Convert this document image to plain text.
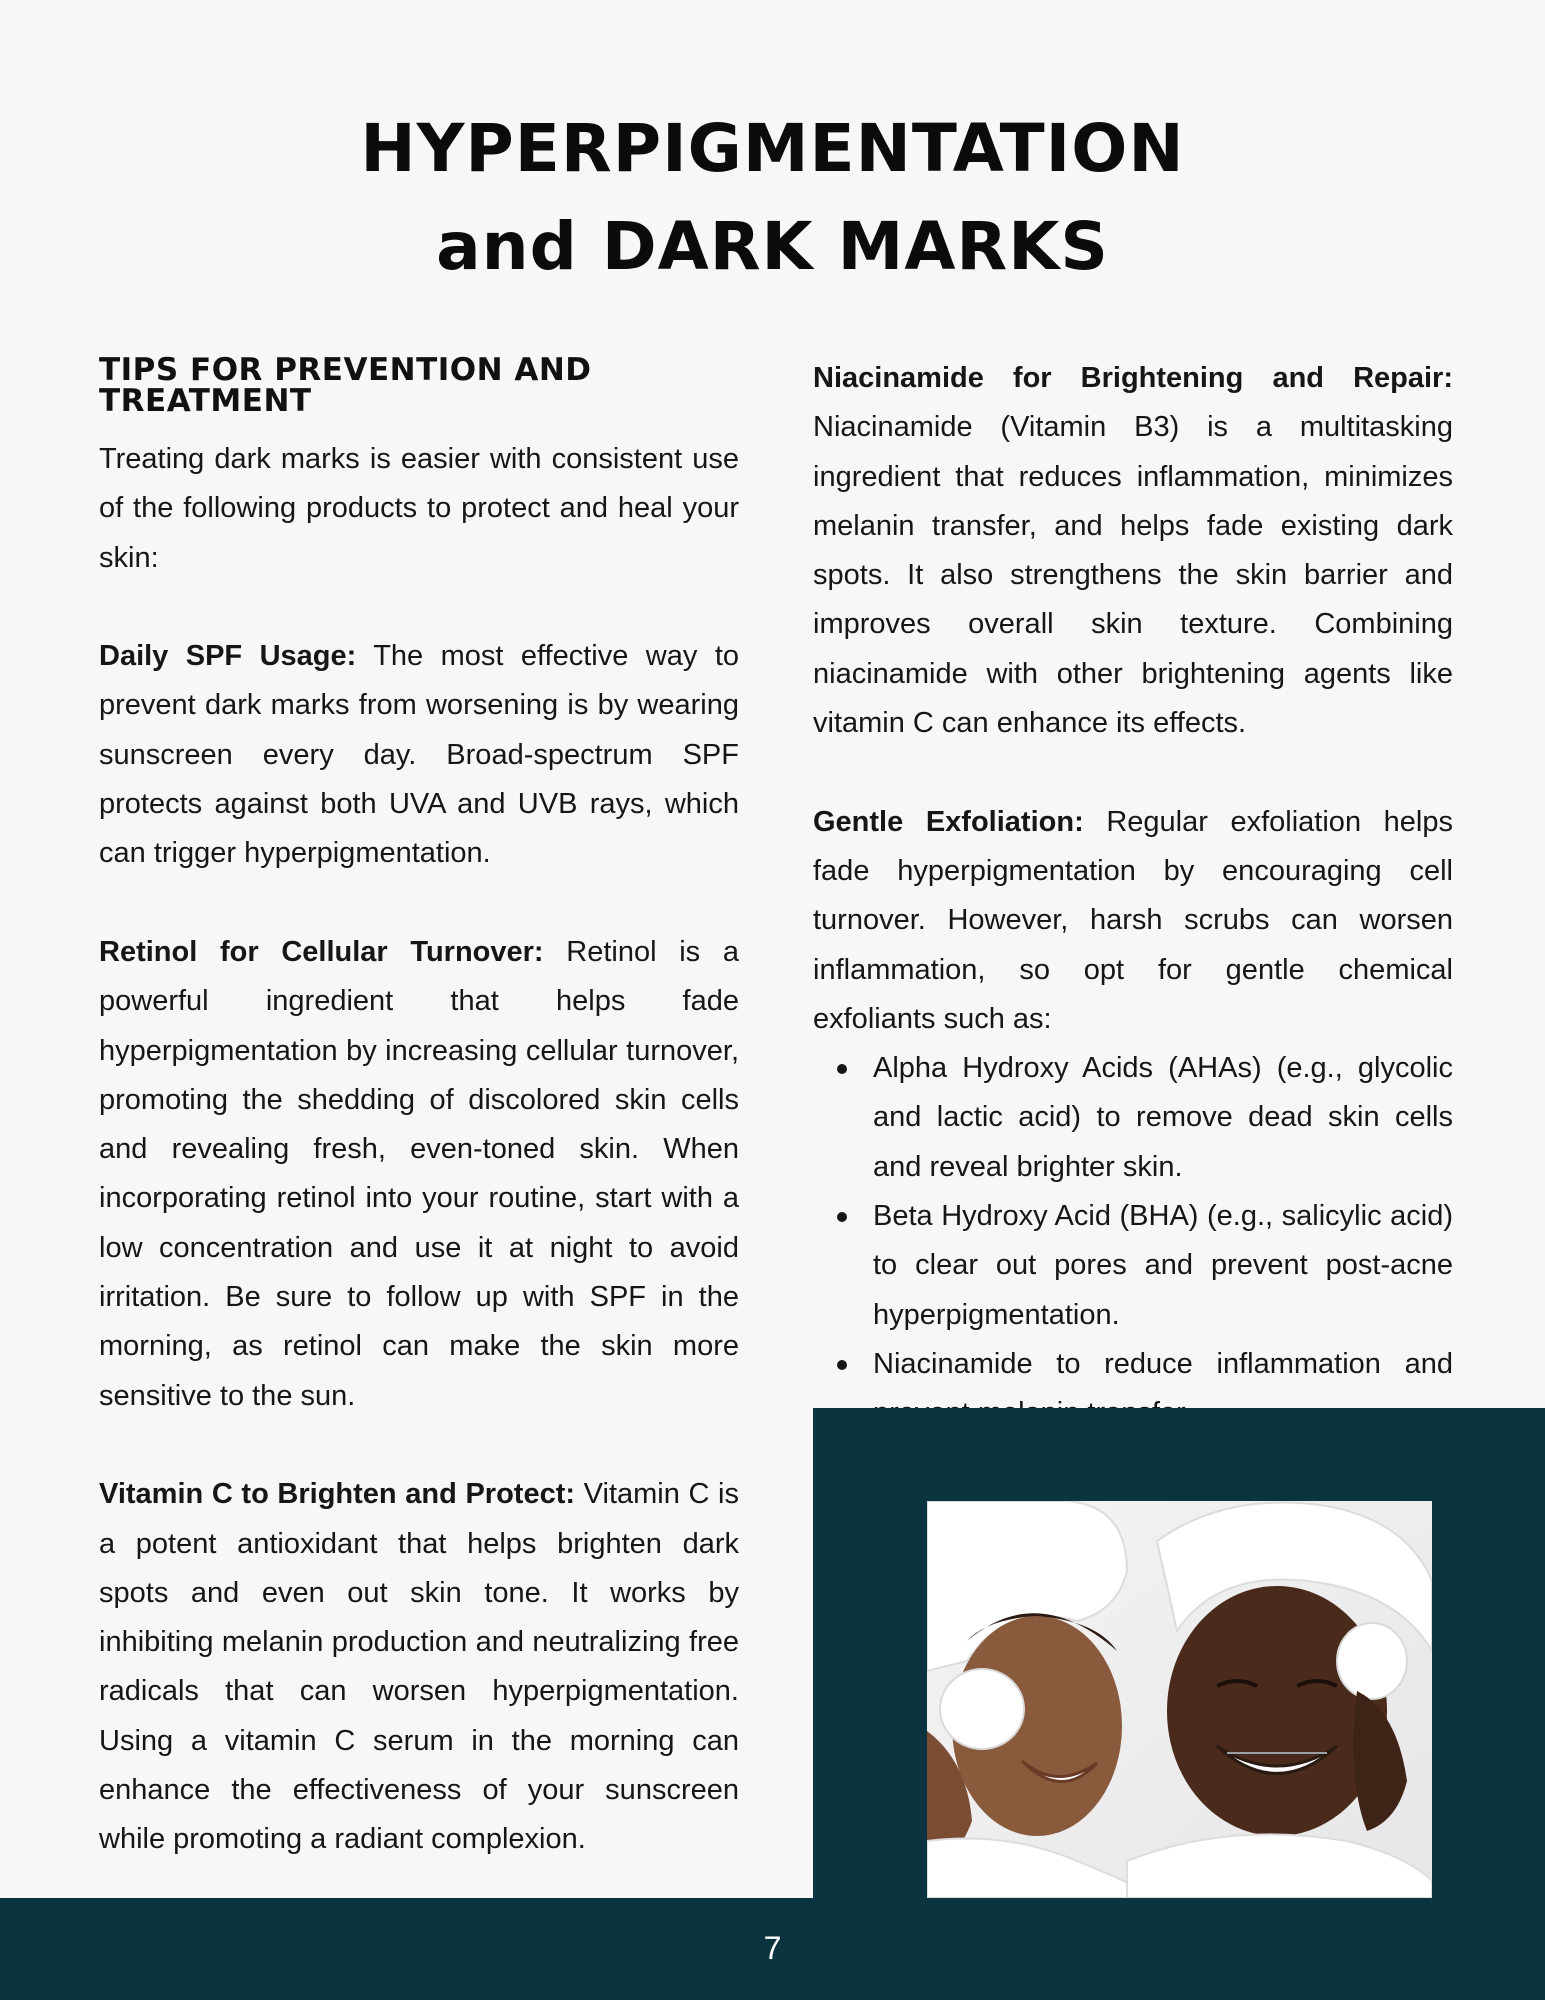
HYPERPIGMENTATION
and DARK MARKS
TIPS FOR PREVENTION AND
TREATMENT

Treating dark marks is easier with consistent use of the following products to protect and heal your skin:

Daily SPF Usage: The most effective way to prevent dark marks from worsening is by wearing sunscreen every day. Broad-spectrum SPF protects against both UVA and UVB rays, which can trigger hyperpigmentation.

Retinol for Cellular Turnover: Retinol is a powerful ingredient that helps fade hyperpigmentation by increasing cellular turnover, promoting the shedding of discolored skin cells and revealing fresh, even-toned skin. When incorporating retinol into your routine, start with a low concentration and use it at night to avoid irritation. Be sure to follow up with SPF in the morning, as retinol can make the skin more sensitive to the sun.

Vitamin C to Brighten and Protect: Vitamin C is a potent antioxidant that helps brighten dark spots and even out skin tone. It works by inhibiting melanin production and neutralizing free radicals that can worsen hyperpigmentation. Using a vitamin C serum in the morning can enhance the effectiveness of your sunscreen while promoting a radiant complexion.

Niacinamide for Brightening and Repair: Niacinamide (Vitamin B3) is a multitasking ingredient that reduces inflammation, minimizes melanin transfer, and helps fade existing dark spots. It also strengthens the skin barrier and improves overall skin texture. Combining niacinamide with other brightening agents like vitamin C can enhance its effects.

Gentle Exfoliation: Regular exfoliation helps fade hyperpigmentation by encouraging cell turnover. However, harsh scrubs can worsen inflammation, so opt for gentle chemical exfoliants such as:

Alpha Hydroxy Acids (AHAs) (e.g., glycolic and lactic acid) to remove dead skin cells and reveal brighter skin.
Beta Hydroxy Acid (BHA) (e.g., salicylic acid) to clear out pores and prevent post-acne hyperpigmentation.
Niacinamide to reduce inflammation and
7
